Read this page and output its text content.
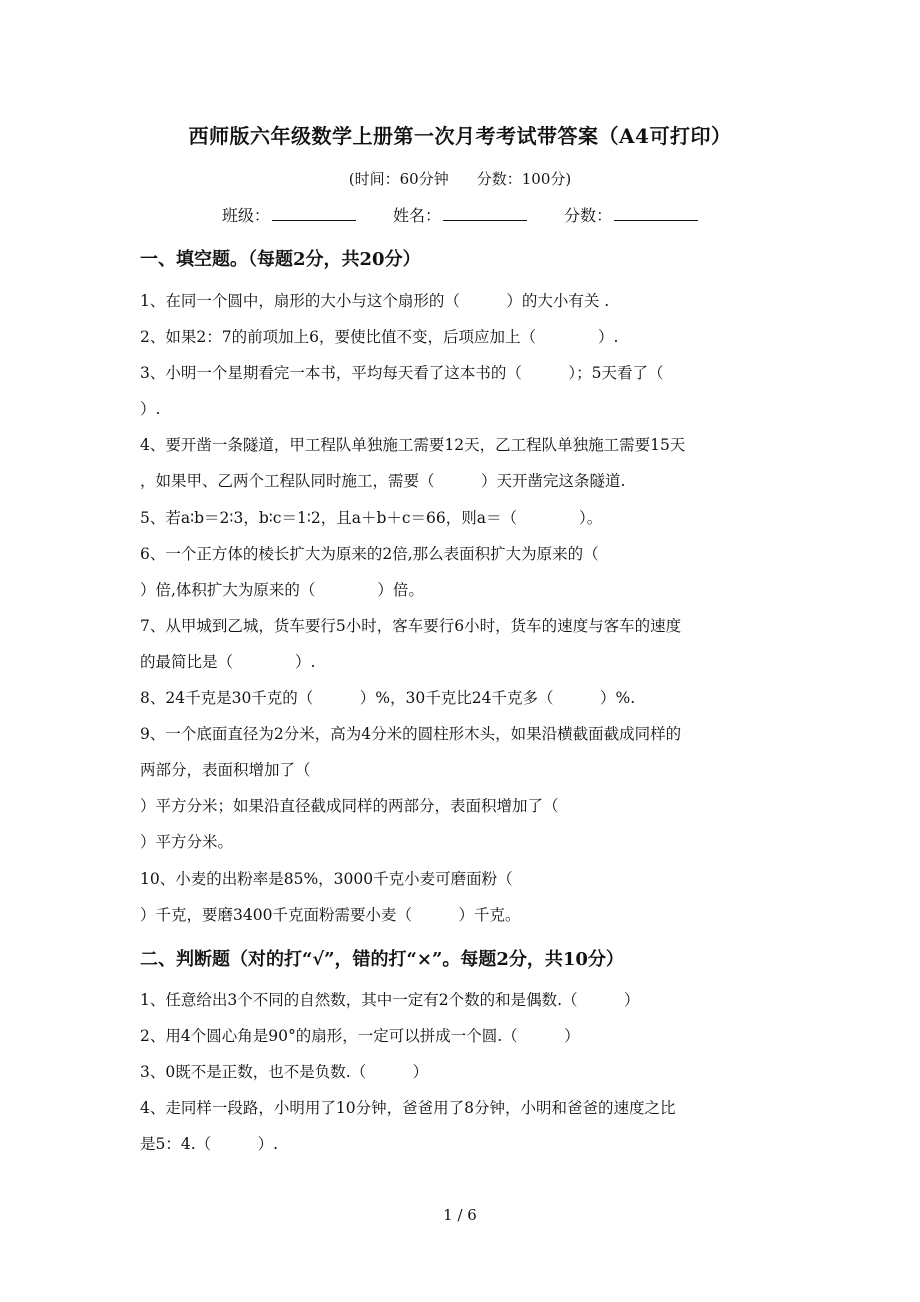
西师版六年级数学上册第一次月考考试带答案（A4可打印）
(时间：60分钟 分数：100分)
班级：	姓名：	分数：
一、填空题。（每题2分，共20分）
1、在同一个圆中，扇形的大小与这个扇形的（　　　）的大小有关 .
2、如果2：7的前项加上6，要使比值不变，后项应加上（　　　　）.
3、小明一个星期看完一本书，平均每天看了这本书的（　　　）；5天看了（
）.
4、要开凿一条隧道，甲工程队单独施工需要12天，乙工程队单独施工需要15天
，如果甲、乙两个工程队同时施工，需要（　　　）天开凿完这条隧道.
5、若a∶b＝2∶3，b∶c＝1∶2，且a＋b＋c＝66，则a＝（　　　　）。
6、一个正方体的棱长扩大为原来的2倍,那么表面积扩大为原来的（
）倍,体积扩大为原来的（　　　　）倍。
7、从甲城到乙城，货车要行5小时，客车要行6小时，货车的速度与客车的速度
的最简比是（　　　　）.
8、24千克是30千克的（　　　）%，30千克比24千克多（　　　）%.
9、一个底面直径为2分米，高为4分米的圆柱形木头，如果沿横截面截成同样的
两部分，表面积增加了（
）平方分米；如果沿直径截成同样的两部分，表面积增加了（
）平方分米。
10、小麦的出粉率是85%，3000千克小麦可磨面粉（
）千克，要磨3400千克面粉需要小麦（　　　）千克。
二、判断题（对的打“√”，错的打“×”。每题2分，共10分）
1、任意给出3个不同的自然数，其中一定有2个数的和是偶数.（　　　）
2、用4个圆心角是90°的扇形，一定可以拼成一个圆.（　　　）
3、0既不是正数，也不是负数.（　　　）
4、走同样一段路，小明用了10分钟，爸爸用了8分钟，小明和爸爸的速度之比
是5：4.（　　　）.
1 / 6
